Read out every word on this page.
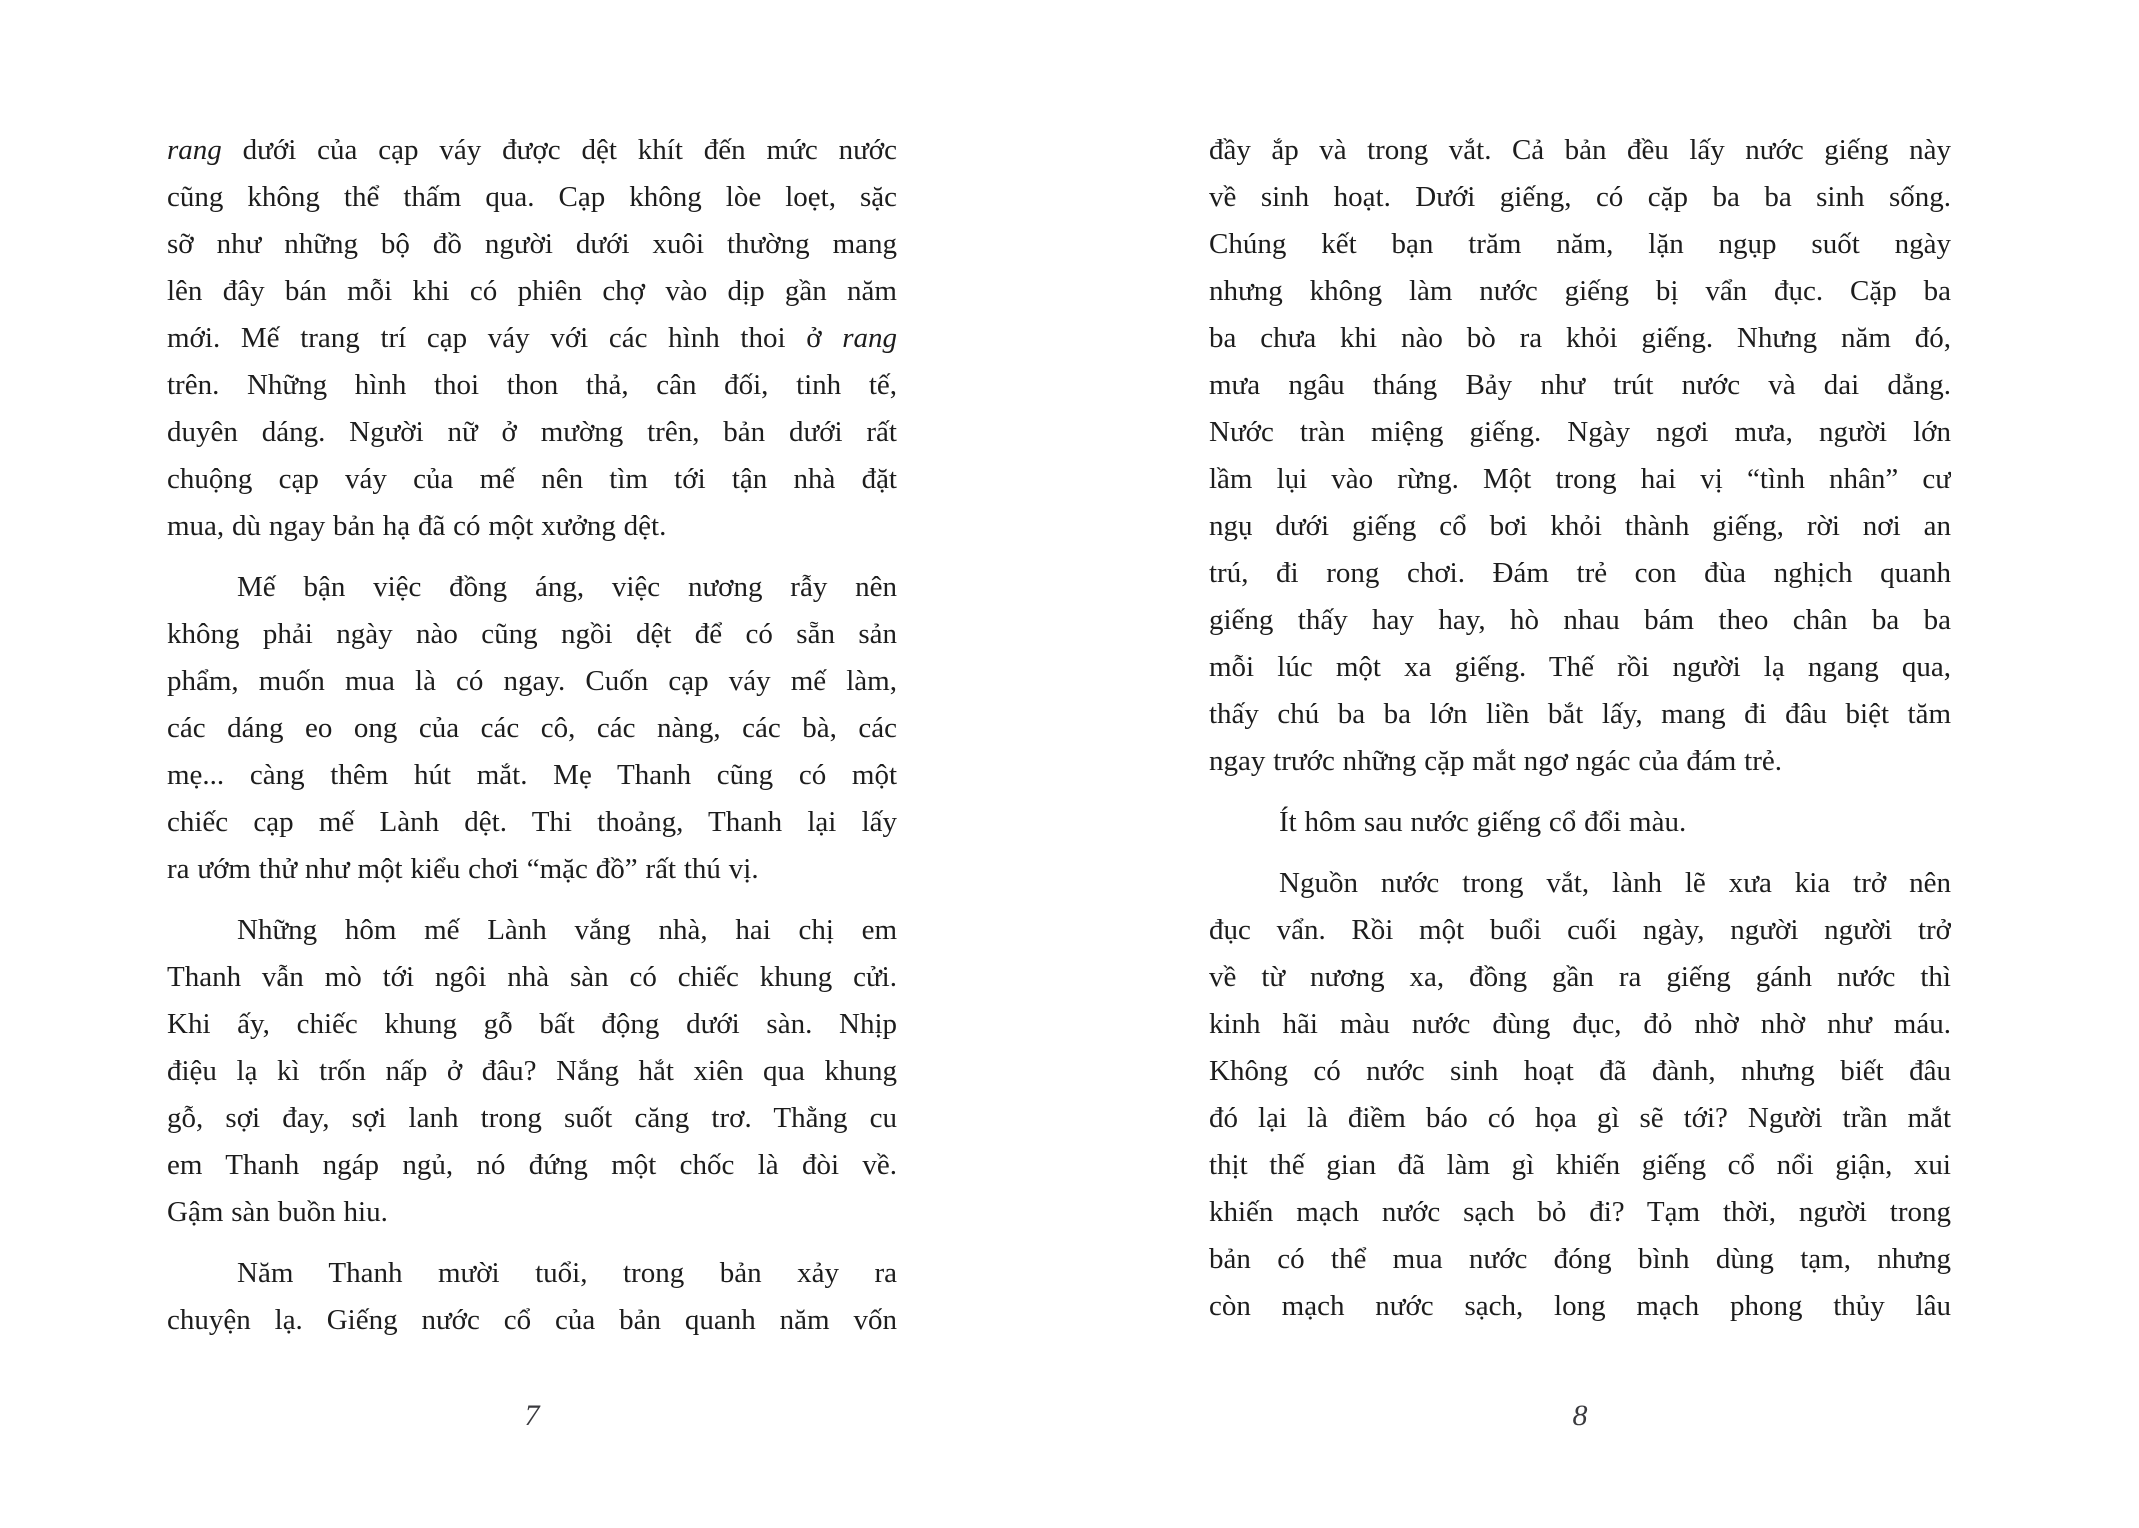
rang dưới của cạp váy được dệt khít đến mức nước
cũng không thể thấm qua. Cạp không lòe loẹt, sặc
sỡ như những bộ đồ người dưới xuôi thường mang
lên đây bán mỗi khi có phiên chợ vào dịp gần năm
mới. Mế trang trí cạp váy với các hình thoi ở rang
trên. Những hình thoi thon thả, cân đối, tinh tế,
duyên dáng. Người nữ ở mường trên, bản dưới rất
chuộng cạp váy của mế nên tìm tới tận nhà đặt
mua, dù ngay bản hạ đã có một xưởng dệt.

Mế bận việc đồng áng, việc nương rẫy nên
không phải ngày nào cũng ngồi dệt để có sẵn sản
phẩm, muốn mua là có ngay. Cuốn cạp váy mế làm,
các dáng eo ong của các cô, các nàng, các bà, các
mẹ... càng thêm hút mắt. Mẹ Thanh cũng có một
chiếc cạp mế Lành dệt. Thi thoảng, Thanh lại lấy
ra ướm thử như một kiểu chơi “mặc đồ” rất thú vị.

Những hôm mế Lành vắng nhà, hai chị em
Thanh vẫn mò tới ngôi nhà sàn có chiếc khung cửi.
Khi ấy, chiếc khung gỗ bất động dưới sàn. Nhịp
điệu lạ kì trốn nấp ở đâu? Nắng hắt xiên qua khung
gỗ, sợi đay, sợi lanh trong suốt căng trơ. Thằng cu
em Thanh ngáp ngủ, nó đứng một chốc là đòi về.
Gậm sàn buồn hiu.

Năm Thanh mười tuổi, trong bản xảy ra
chuyện lạ. Giếng nước cổ của bản quanh năm vốn

đầy ắp và trong vắt. Cả bản đều lấy nước giếng này
về sinh hoạt. Dưới giếng, có cặp ba ba sinh sống.
Chúng kết bạn trăm năm, lặn ngụp suốt ngày
nhưng không làm nước giếng bị vẩn đục. Cặp ba
ba chưa khi nào bò ra khỏi giếng. Nhưng năm đó,
mưa ngâu tháng Bảy như trút nước và dai dẳng.
Nước tràn miệng giếng. Ngày ngơi mưa, người lớn
lầm lụi vào rừng. Một trong hai vị “tình nhân” cư
ngụ dưới giếng cổ bơi khỏi thành giếng, rời nơi an
trú, đi rong chơi. Đám trẻ con đùa nghịch quanh
giếng thấy hay hay, hò nhau bám theo chân ba ba
mỗi lúc một xa giếng. Thế rồi người lạ ngang qua,
thấy chú ba ba lớn liền bắt lấy, mang đi đâu biệt tăm
ngay trước những cặp mắt ngơ ngác của đám trẻ.

Ít hôm sau nước giếng cổ đổi màu.

Nguồn nước trong vắt, lành lẽ xưa kia trở nên
đục vẩn. Rồi một buổi cuối ngày, người người trở
về từ nương xa, đồng gần ra giếng gánh nước thì
kinh hãi màu nước đùng đục, đỏ nhờ nhờ như máu.
Không có nước sinh hoạt đã đành, nhưng biết đâu
đó lại là điềm báo có họa gì sẽ tới? Người trần mắt
thịt thế gian đã làm gì khiến giếng cổ nổi giận, xui
khiến mạch nước sạch bỏ đi? Tạm thời, người trong
bản có thể mua nước đóng bình dùng tạm, nhưng
còn mạch nước sạch, long mạch phong thủy lâu

7	8
